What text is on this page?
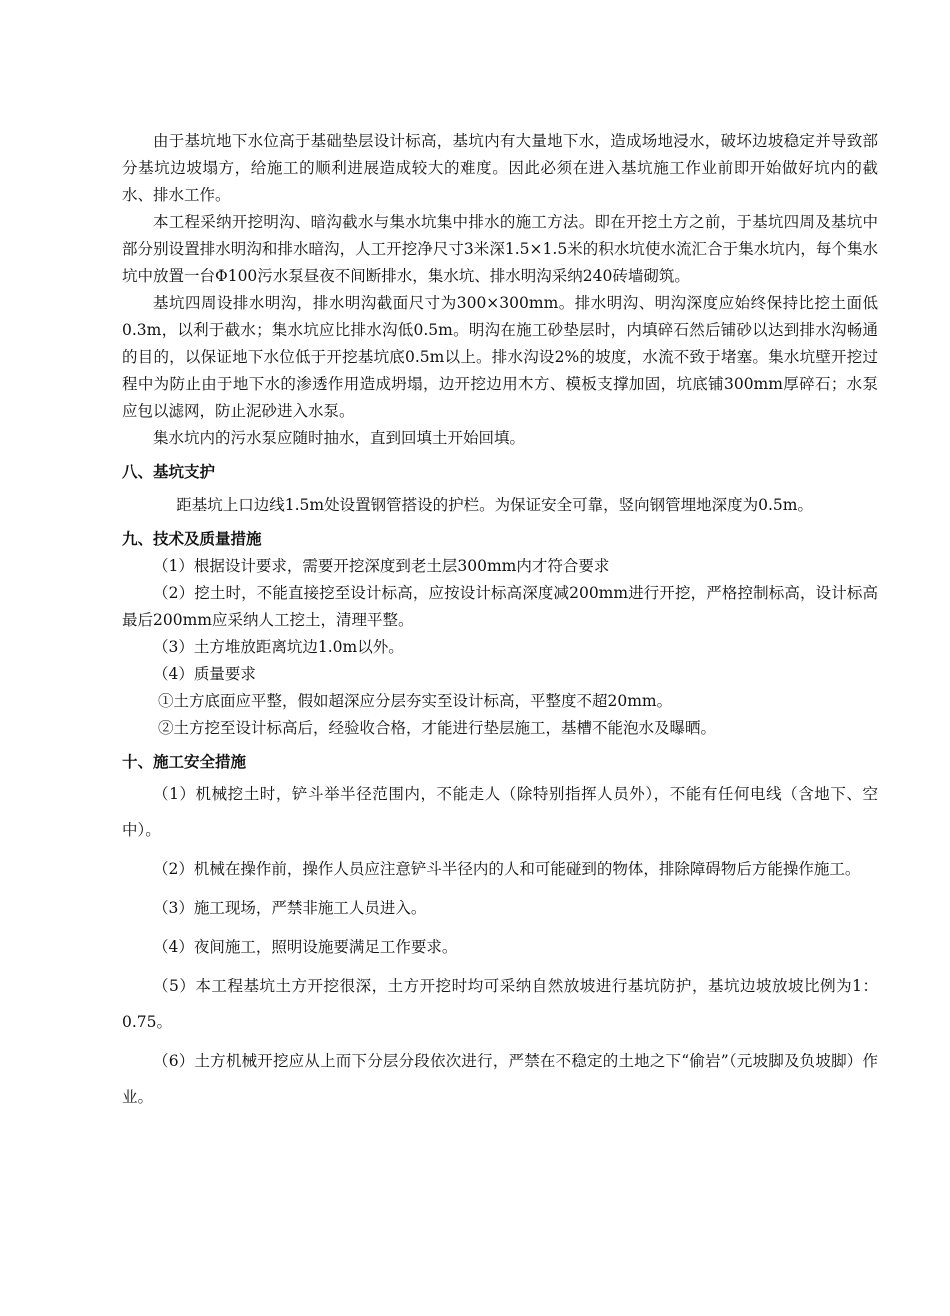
由于基坑地下水位高于基础垫层设计标高，基坑内有大量地下水，造成场地浸水，破坏边坡稳定并导致部分基坑边坡塌方，给施工的顺利进展造成较大的难度。因此必须在进入基坑施工作业前即开始做好坑内的截水、排水工作。

本工程采纳开挖明沟、暗沟截水与集水坑集中排水的施工方法。即在开挖土方之前，于基坑四周及基坑中部分别设置排水明沟和排水暗沟，人工开挖净尺寸3米深1.5×1.5米的积水坑使水流汇合于集水坑内，每个集水坑中放置一台Φ100污水泵昼夜不间断排水，集水坑、排水明沟采纳240砖墙砌筑。

基坑四周设排水明沟，排水明沟截面尺寸为300×300mm。排水明沟、明沟深度应始终保持比挖土面低0.3m，以利于截水；集水坑应比排水沟低0.5m。明沟在施工砂垫层时，内填碎石然后铺砂以达到排水沟畅通的目的，以保证地下水位低于开挖基坑底0.5m以上。排水沟设2%的坡度，水流不致于堵塞。集水坑壁开挖过程中为防止由于地下水的渗透作用造成坍塌，边开挖边用木方、模板支撑加固，坑底铺300mm厚碎石；水泵应包以滤网，防止泥砂进入水泵。

集水坑内的污水泵应随时抽水，直到回填土开始回填。

八、基坑支护

距基坑上口边线1.5m处设置钢管搭设的护栏。为保证安全可靠，竖向钢管埋地深度为0.5m。

九、技术及质量措施

（1）根据设计要求，需要开挖深度到老土层300mm内才符合要求

（2）挖土时，不能直接挖至设计标高，应按设计标高深度减200mm进行开挖，严格控制标高，设计标高最后200mm应采纳人工挖土，清理平整。

（3）土方堆放距离坑边1.0m以外。

（4）质量要求

①土方底面应平整，假如超深应分层夯实至设计标高，平整度不超20mm。

②土方挖至设计标高后，经验收合格，才能进行垫层施工，基槽不能泡水及曝晒。

十、施工安全措施

（1）机械挖土时，铲斗举半径范围内，不能走人（除特别指挥人员外），不能有任何电线（含地下、空中）。

（2）机械在操作前，操作人员应注意铲斗半径内的人和可能碰到的物体，排除障碍物后方能操作施工。

（3）施工现场，严禁非施工人员进入。

（4）夜间施工，照明设施要满足工作要求。

（5）本工程基坑土方开挖很深，土方开挖时均可采纳自然放坡进行基坑防护，基坑边坡放坡比例为1：0.75。

（6）土方机械开挖应从上而下分层分段依次进行，严禁在不稳定的土地之下“偷岩”（元坡脚及负坡脚）作业。
